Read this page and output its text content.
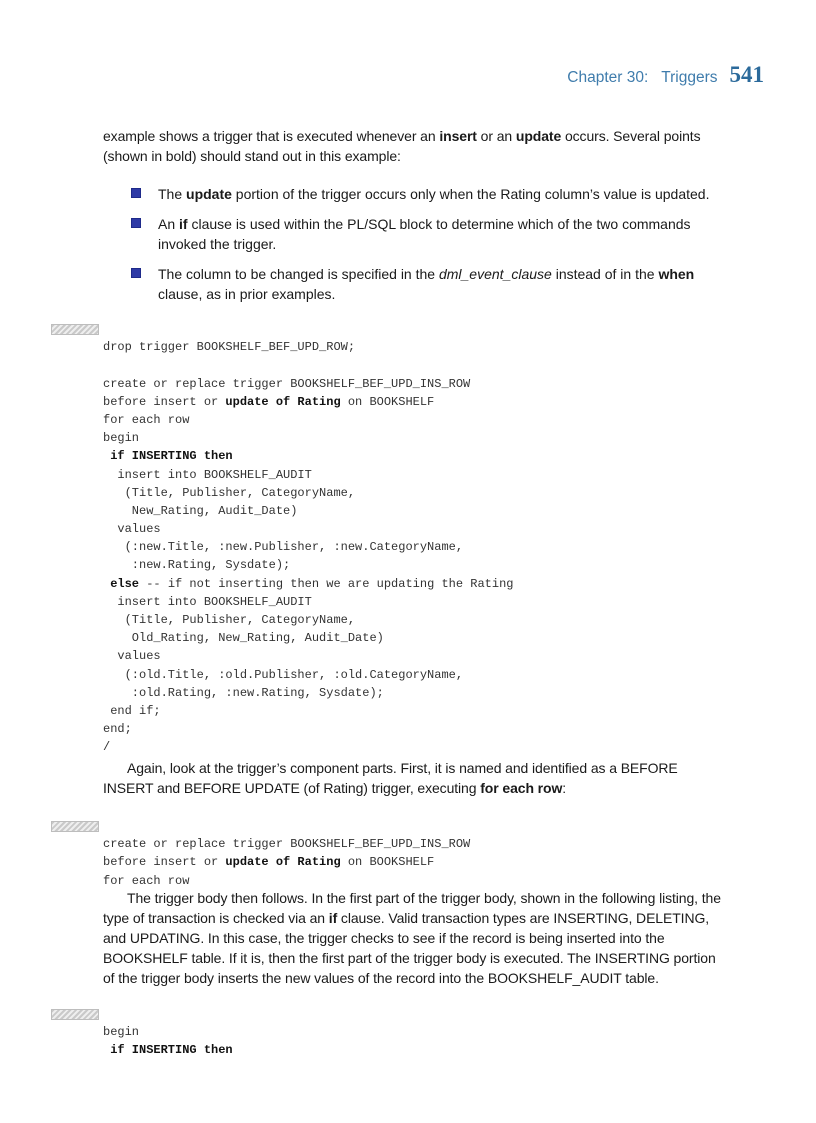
Chapter 30: Triggers 541

example shows a trigger that is executed whenever an insert or an update occurs. Several points (shown in bold) should stand out in this example:

The update portion of the trigger occurs only when the Rating column’s value is updated.
An if clause is used within the PL/SQL block to determine which of the two commands invoked the trigger.
The column to be changed is specified in the dml_event_clause instead of in the when clause, as in prior examples.

drop trigger BOOKSHELF_BEF_UPD_ROW;
create or replace trigger BOOKSHELF_BEF_UPD_INS_ROW
before insert or update of Rating on BOOKSHELF
for each row
begin
if INSERTING then
insert into BOOKSHELF_AUDIT
(Title, Publisher, CategoryName,
New_Rating, Audit_Date)
values
(:new.Title, :new.Publisher, :new.CategoryName,
:new.Rating, Sysdate);
else -- if not inserting then we are updating the Rating
insert into BOOKSHELF_AUDIT
(Title, Publisher, CategoryName,
Old_Rating, New_Rating, Audit_Date)
values
(:old.Title, :old.Publisher, :old.CategoryName,
:old.Rating, :new.Rating, Sysdate);
end if;
end;
/

Again, look at the trigger’s component parts. First, it is named and identified as a BEFORE INSERT and BEFORE UPDATE (of Rating) trigger, executing for each row:

create or replace trigger BOOKSHELF_BEF_UPD_INS_ROW
before insert or update of Rating on BOOKSHELF
for each row

The trigger body then follows. In the first part of the trigger body, shown in the following listing, the type of transaction is checked via an if clause. Valid transaction types are INSERTING, DELETING, and UPDATING. In this case, the trigger checks to see if the record is being inserted into the BOOKSHELF table. If it is, then the first part of the trigger body is executed. The INSERTING portion of the trigger body inserts the new values of the record into the BOOKSHELF_AUDIT table.

begin
if INSERTING then
